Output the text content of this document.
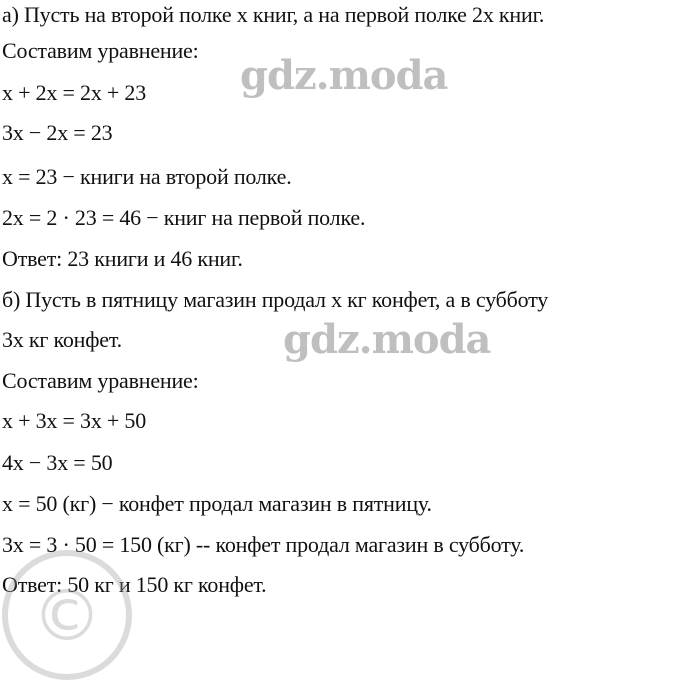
а) Пусть на второй полке x книг, а на первой полке 2x книг.
Составим уравнение:
x + 2x = 2x + 23
3x − 2x = 23
x = 23 − книги на второй полке.
2x = 2 · 23 = 46 − книг на первой полке.
Ответ: 23 книги и 46 книг.
б) Пусть в пятницу магазин продал x кг конфет, а в субботу
3x кг конфет.
Составим уравнение:
x + 3x = 3x + 50
4x − 3x = 50
x = 50 (кг) − конфет продал магазин в пятницу.
3x = 3 · 50 = 150 (кг) -- конфет продал магазин в субботу.
Ответ: 50 кг и 150 кг конфет.
gdz.moda
gdz.moda
©
